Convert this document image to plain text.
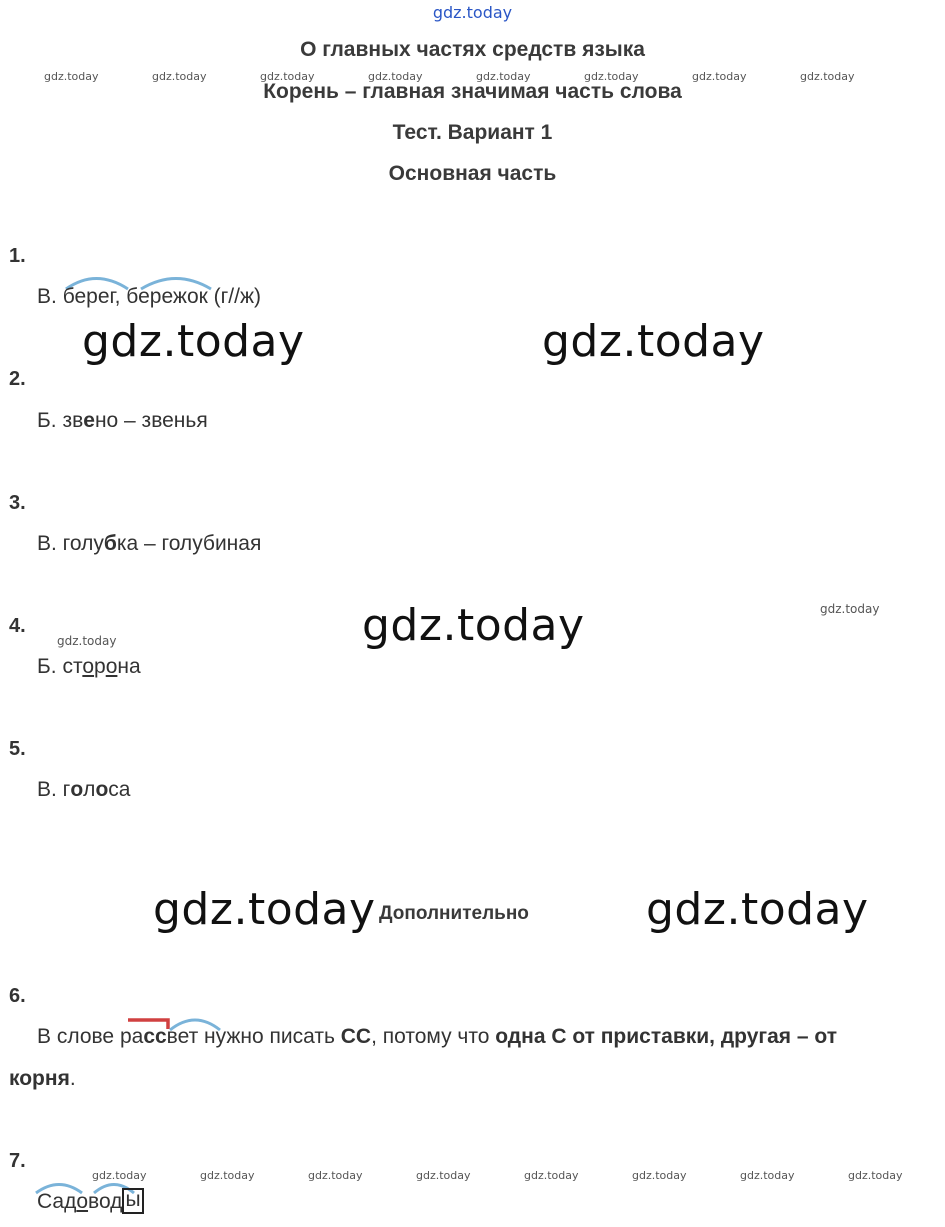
gdz.today
О главных частях средств языка
gdz.today	gdz.today	gdz.today	gdz.today	gdz.today	gdz.today	gdz.today	gdz.today
Корень – главная значимая часть слова
Тест. Вариант 1
Основная часть
1.
В. берег, бережок (г//ж)
gdz.today	gdz.today
2.
Б. звено – звенья
3.
В. голубка – голубиная
gdz.today	gdz.today
4.
gdz.today
Б. сторона
5.
В. голоса
gdz.today Дополнительно	gdz.today
6.
В слове рассвет нужно писать СС, потому что одна С от приставки, другая – от
корня.
7.
gdz.today	gdz.today	gdz.today	gdz.today	gdz.today	gdz.today	gdz.today	gdz.today
Садовод ы
